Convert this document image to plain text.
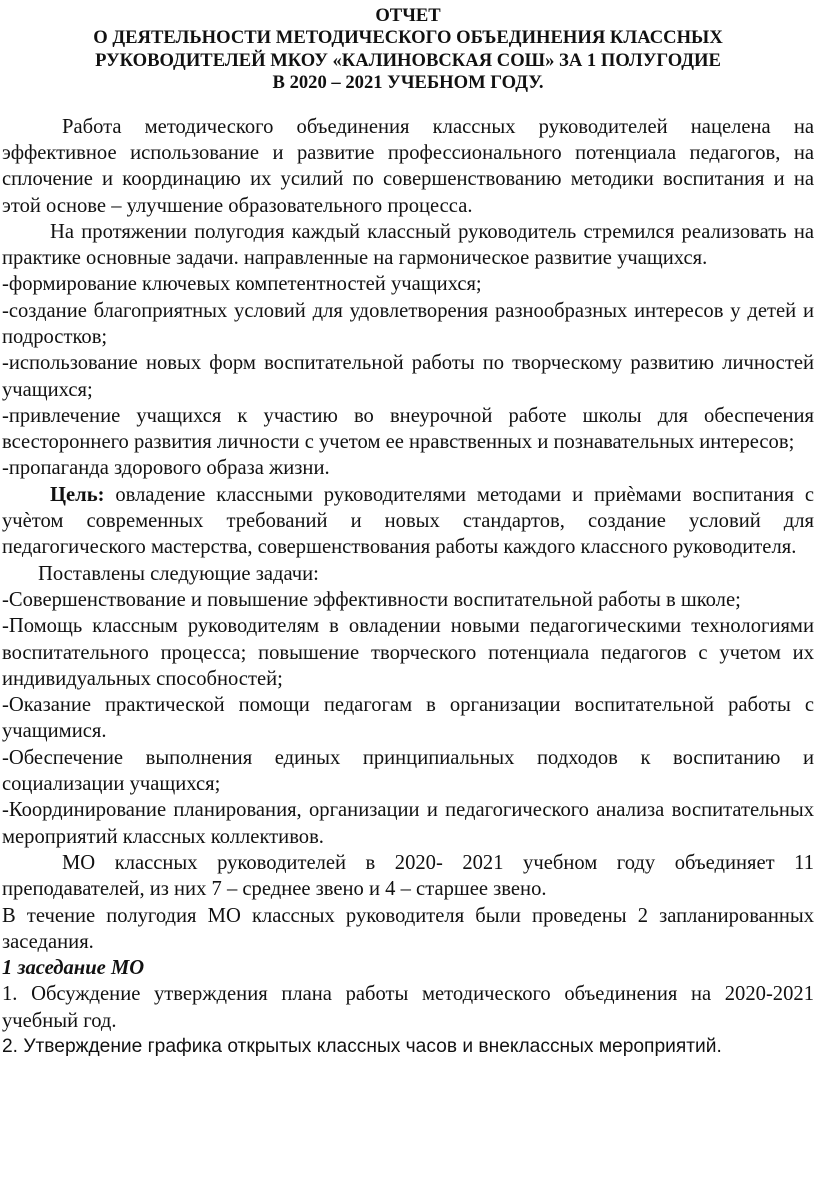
ОТЧЕТ
О ДЕЯТЕЛЬНОСТИ МЕТОДИЧЕСКОГО ОБЪЕДИНЕНИЯ КЛАССНЫХ
РУКОВОДИТЕЛЕЙ МКОУ «КАЛИНОВСКАЯ СОШ» ЗА 1 ПОЛУГОДИЕ
В 2020 – 2021 УЧЕБНОМ ГОДУ.

Работа методического объединения классных руководителей нацелена на эффективное использование и развитие профессионального потенциала педагогов, на сплочение и координацию их усилий по совершенствованию методики воспитания и на этой основе – улучшение образовательного процесса.

На протяжении полугодия каждый классный руководитель стремился реализовать на практике основные задачи. направленные на гармоническое развитие учащихся.

-формирование ключевых компетентностей учащихся;

-создание благоприятных условий для удовлетворения разнообразных интересов у детей и подростков;

-использование новых форм воспитательной работы по творческому развитию личностей учащихся;

-привлечение учащихся к участию во внеурочной работе школы для обеспечения всестороннего развития личности с учетом ее нравственных и познавательных интересов;

-пропаганда здорового образа жизни.

Цель: овладение классными руководителями методами и приѐмами воспитания с учѐтом современных требований и новых стандартов, создание условий для педагогического мастерства, совершенствования работы каждого классного руководителя.

Поставлены следующие задачи:

-Совершенствование и повышение эффективности воспитательной работы в школе;

-Помощь классным руководителям в овладении новыми педагогическими технологиями воспитательного процесса; повышение творческого потенциала педагогов с учетом их индивидуальных способностей;

-Оказание практической помощи педагогам в организации воспитательной работы с учащимися.

-Обеспечение выполнения единых принципиальных подходов к воспитанию и социализации учащихся;

-Координирование планирования, организации и педагогического анализа воспитательных мероприятий классных коллективов.

МО классных руководителей в 2020- 2021 учебном году объединяет 11 преподавателей, из них 7 – среднее звено и 4 – старшее звено.

В течение полугодия МО классных руководителя были проведены 2 запланированных заседания.

1 заседание МО

1. Обсуждение утверждения плана работы методического объединения на 2020-2021 учебный год.

2. Утверждение графика открытых классных часов и внеклассных мероприятий.
